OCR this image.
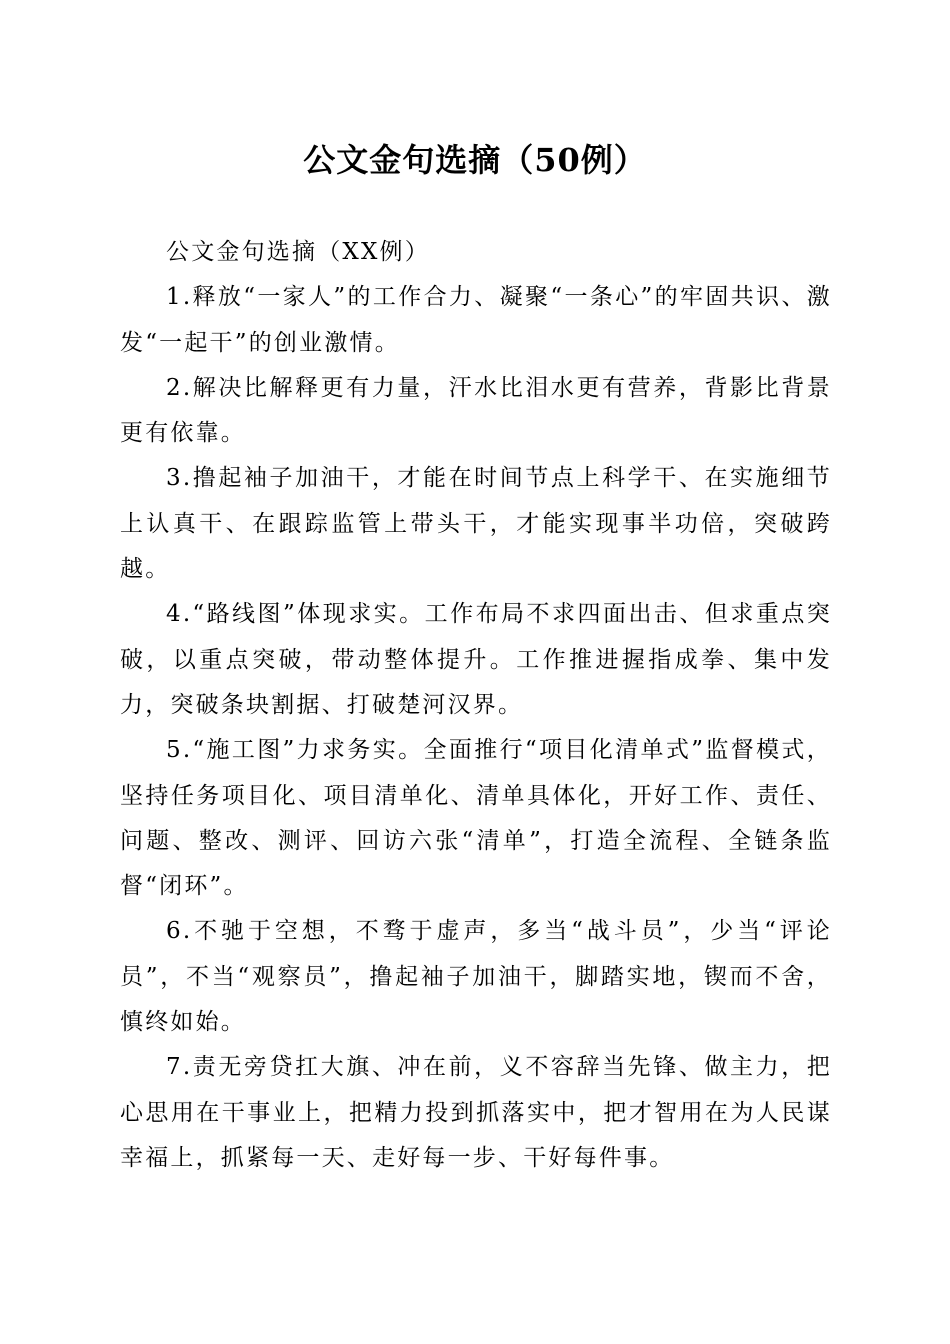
公文金句选摘（50例）

公文金句选摘（XX例）

1.释放“一家人”的工作合力、凝聚“一条心”的牢固共识、激发“一起干”的创业激情。

2.解决比解释更有力量，汗水比泪水更有营养，背影比背景更有依靠。

3.撸起袖子加油干，才能在时间节点上科学干、在实施细节上认真干、在跟踪监管上带头干，才能实现事半功倍，突破跨越。

4.“路线图”体现求实。工作布局不求四面出击、但求重点突破，以重点突破，带动整体提升。工作推进握指成拳、集中发力，突破条块割据、打破楚河汉界。

5.“施工图”力求务实。全面推行“项目化清单式”监督模式，坚持任务项目化、项目清单化、清单具体化，开好工作、责任、问题、整改、测评、回访六张“清单”，打造全流程、全链条监督“闭环”。

6.不驰于空想，不骛于虚声，多当“战斗员”，少当“评论员”，不当“观察员”，撸起袖子加油干，脚踏实地，锲而不舍，慎终如始。

7.责无旁贷扛大旗、冲在前，义不容辞当先锋、做主力，把心思用在干事业上，把精力投到抓落实中，把才智用在为人民谋幸福上，抓紧每一天、走好每一步、干好每件事。
